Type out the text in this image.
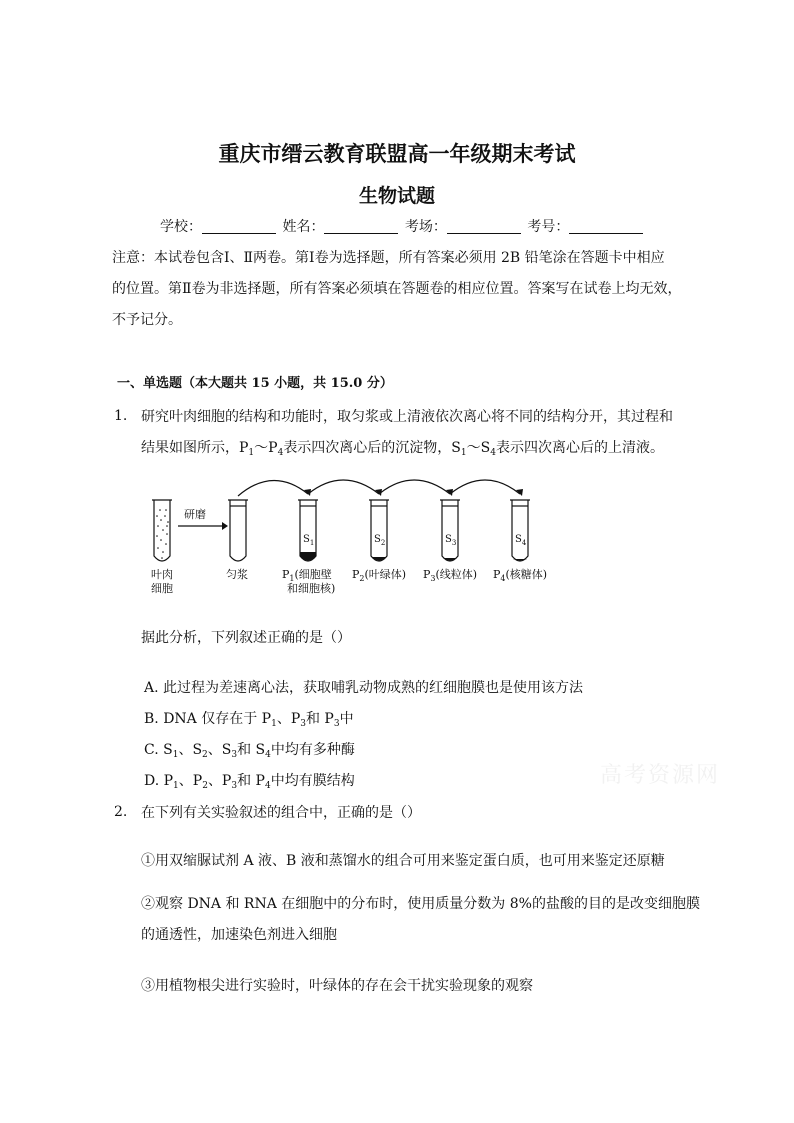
重庆市缙云教育联盟高一年级期末考试
生物试题
学校：	姓名：	考场：	考号：
注意：本试卷包含Ⅰ、Ⅱ两卷。第Ⅰ卷为选择题，所有答案必须用 2B 铅笔涂在答题卡中相应
的位置。第Ⅱ卷为非选择题，所有答案必须填在答题卷的相应位置。答案写在试卷上均无效，
不予记分。
一、单选题（本大题共 15 小题，共 15.0 分）
1. 研究叶肉细胞的结构和功能时，取匀浆或上清液依次离心将不同的结构分开，其过程和
结果如图所示，$P_1\sim P_4$表示四次离心后的沉淀物，$S_1\sim S_4$表示四次离心后的上清液。
研磨
叶肉
细胞
匀浆
$S_1$	$S_2$	$S_3$	$S_4$
$P_1$(细胞壁
和细胞核)
$P_2$(叶绿体) $P_3$(线粒体) $P_4$(核糖体)
据此分析，下列叙述正确的是（）
A. 此过程为差速离心法，获取哺乳动物成熟的红细胞膜也是使用该方法
B. DNA 仅存在于 $P_1$、$P_3$和 $P_3$中
C. $S_1$、$S_2$、$S_3$和 $S_4$中均有多种酶
D. $P_1$、$P_2$、$P_3$和 $P_4$中均有膜结构	高考资源网
2. 在下列有关实验叙述的组合中，正确的是（）
①用双缩脲试剂 A 液、B 液和蒸馏水的组合可用来鉴定蛋白质，也可用来鉴定还原糖
②观察 DNA 和 RNA 在细胞中的分布时，使用质量分数为 8%的盐酸的目的是改变细胞膜
的通透性，加速染色剂进入细胞
③用植物根尖进行实验时，叶绿体的存在会干扰实验现象的观察
